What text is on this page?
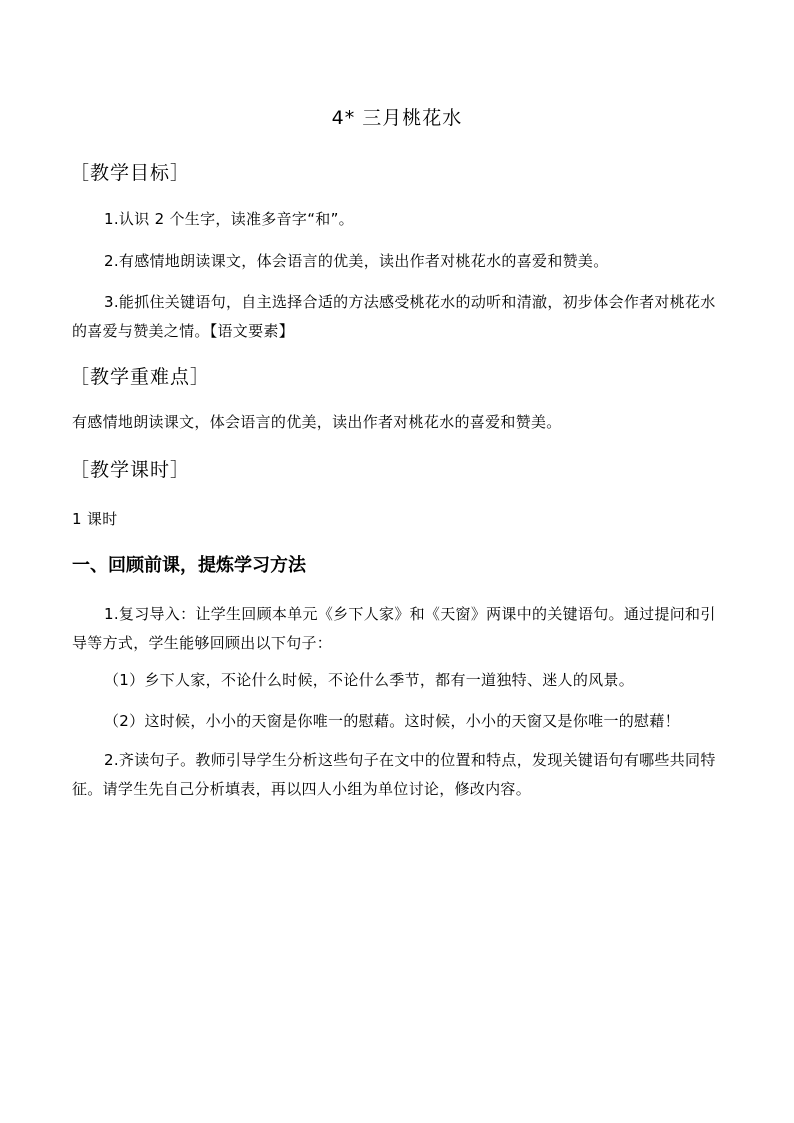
4* 三月桃花水
［教学目标］
1.认识 2 个生字，读准多音字“和”。
2.有感情地朗读课文，体会语言的优美，读出作者对桃花水的喜爱和赞美。
3.能抓住关键语句，自主选择合适的方法感受桃花水的动听和清澈，初步体会作者对桃花水的喜爱与赞美之情。【语文要素】
［教学重难点］
有感情地朗读课文，体会语言的优美，读出作者对桃花水的喜爱和赞美。
［教学课时］
1 课时
一、回顾前课，提炼学习方法
1.复习导入：让学生回顾本单元《乡下人家》和《天窗》两课中的关键语句。通过提问和引导等方式，学生能够回顾出以下句子：
（1）乡下人家，不论什么时候，不论什么季节，都有一道独特、迷人的风景。
（2）这时候，小小的天窗是你唯一的慰藉。这时候，小小的天窗又是你唯一的慰藉！
2.齐读句子。教师引导学生分析这些句子在文中的位置和特点，发现关键语句有哪些共同特征。请学生先自己分析填表，再以四人小组为单位讨论，修改内容。
